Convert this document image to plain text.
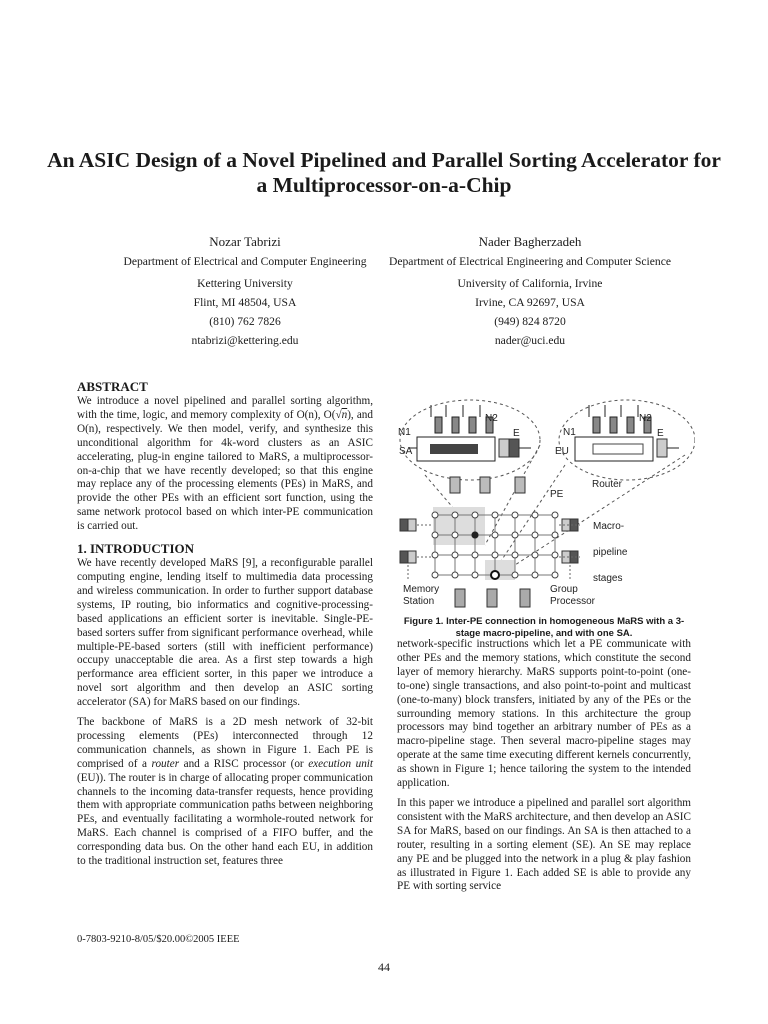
An ASIC Design of a Novel Pipelined and Parallel Sorting Accelerator for a Multiprocessor-on-a-Chip
Nozar Tabrizi
Department of Electrical and Computer Engineering
Kettering University
Flint, MI 48504, USA
(810) 762 7826
ntabrizi@kettering.edu
Nader Bagherzadeh
Department of Electrical Engineering and Computer Science
University of California, Irvine
Irvine, CA 92697, USA
(949) 824 8720
nader@uci.edu
ABSTRACT

We introduce a novel pipelined and parallel sorting algorithm, with the time, logic, and memory complexity of O(n), O(√n), and O(n), respectively. We then model, verify, and synthesize this unconditional algorithm for 4k-word clusters as an ASIC accelerating, plug-in engine tailored to MaRS, a multiprocessor-on-a-chip that we have recently developed; so that this engine may replace any of the processing elements (PEs) in MaRS, and provide the other PEs with an efficient sort function, using the same network protocol based on which inter-PE communication is carried out.

1. INTRODUCTION

We have recently developed MaRS [9], a reconfigurable parallel computing engine, lending itself to multimedia data processing and wireless communication. In order to further support database systems, IP routing, bio informatics and cognitive-processing-based applications an efficient sorter is inevitable. Single-PE-based sorters suffer from significant performance overhead, while multiple-PE-based sorters (still with inefficient performance) occupy unacceptable die area. As a first step towards a high performance area efficient sorter, in this paper we introduce a novel sort algorithm and then develop an ASIC sorting accelerator (SA) for MaRS based on our findings.

The backbone of MaRS is a 2D mesh network of 32-bit processing elements (PEs) interconnected through 12 communication channels, as shown in Figure 1. Each PE is comprised of a router and a RISC processor (or execution unit (EU)). The router is in charge of allocating proper communication channels to the incoming data-transfer requests, hence providing them with appropriate communication paths between neighboring PEs, and eventually facilitating a wormhole-routed network for MaRS. Each channel is comprised of a FIFO buffer, and the corresponding data bus. On the other hand each EU, in addition to the traditional instruction set, features three

N2
N1	E
SA
N2
N1	E
EU
Router
PE
Macro-
pipeline
stages
Memory
Station
Group
Processor
Figure 1. Inter-PE connection in homogeneous MaRS with a 3-stage macro-pipeline, and with one SA.

network-specific instructions which let a PE communicate with other PEs and the memory stations, which constitute the second layer of memory hierarchy. MaRS supports point-to-point (one-to-one) single transactions, and also point-to-point and multicast (one-to-many) block transfers, initiated by any of the PEs or the surrounding memory stations. In this architecture the group processors may bind together an arbitrary number of PEs as a macro-pipeline stage. Then several macro-pipeline stages may operate at the same time executing different kernels concurrently, as shown in Figure 1; hence tailoring the system to the intended application.

In this paper we introduce a pipelined and parallel sort algorithm consistent with the MaRS architecture, and then develop an ASIC SA for MaRS, based on our findings. An SA is then attached to a router, resulting in a sorting element (SE). An SE may replace any PE and be plugged into the network in a plug & play fashion as illustrated in Figure 1. Each added SE is able to provide any PE with sorting service

0-7803-9210-8/05/$20.00©2005 IEEE
44
